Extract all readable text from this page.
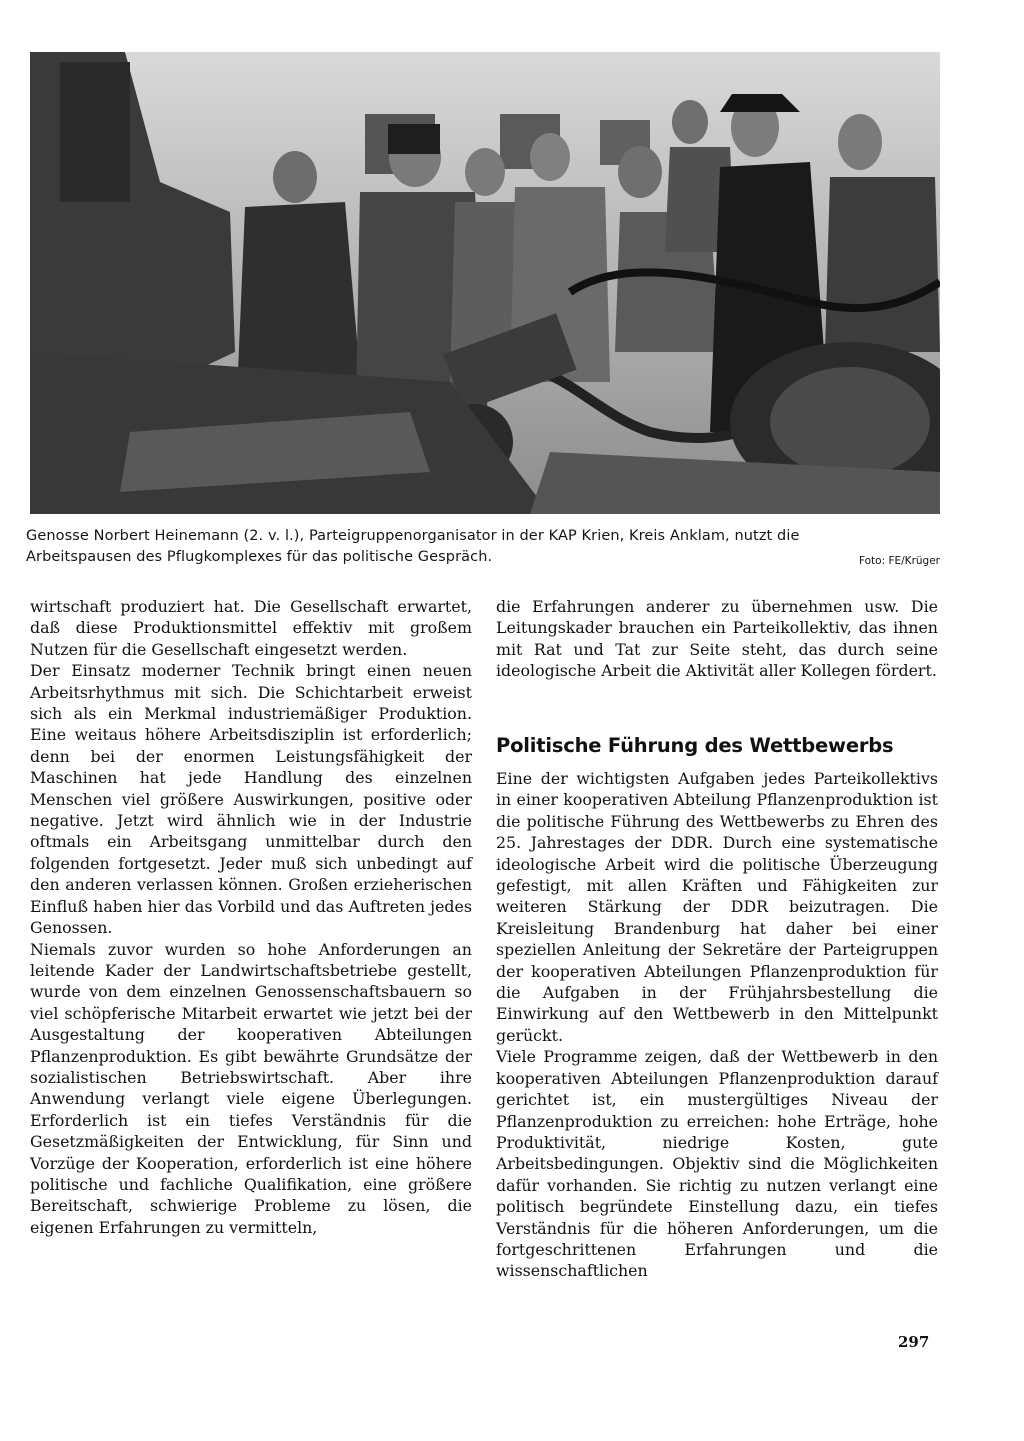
Genosse Norbert Heinemann (2. v. l.), Parteigruppenorganisator in der KAP Krien, Kreis Anklam, nutzt die
Arbeitspausen des Pflugkomplexes für das politische Gespräch.	Foto: FE/Krüger

wirtschaft produziert hat. Die Gesellschaft erwartet, daß diese Produktionsmittel effektiv mit großem Nutzen für die Gesellschaft eingesetzt werden.

Der Einsatz moderner Technik bringt einen neuen Arbeitsrhythmus mit sich. Die Schichtarbeit erweist sich als ein Merkmal industriemäßiger Produktion. Eine weitaus höhere Arbeitsdisziplin ist erforderlich; denn bei der enormen Leistungsfähigkeit der Maschinen hat jede Handlung des einzelnen Menschen viel größere Auswirkungen, positive oder negative. Jetzt wird ähnlich wie in der Industrie oftmals ein Arbeitsgang unmittelbar durch den folgenden fortgesetzt. Jeder muß sich unbedingt auf den anderen verlassen können. Großen erzieherischen Einfluß haben hier das Vorbild und das Auftreten jedes Genossen.

Niemals zuvor wurden so hohe Anforderungen an leitende Kader der Landwirtschaftsbetriebe gestellt, wurde von dem einzelnen Genossenschaftsbauern so viel schöpferische Mitarbeit erwartet wie jetzt bei der Ausgestaltung der kooperativen Abteilungen Pflanzenproduktion. Es gibt bewährte Grundsätze der sozialistischen Betriebswirtschaft. Aber ihre Anwendung verlangt viele eigene Überlegungen. Erforderlich ist ein tiefes Verständnis für die Gesetzmäßigkeiten der Entwicklung, für Sinn und Vorzüge der Kooperation, erforderlich ist eine höhere politische und fachliche Qualifikation, eine größere Bereitschaft, schwierige Probleme zu lösen, die eigenen Erfahrungen zu vermitteln,

die Erfahrungen anderer zu übernehmen usw. Die Leitungskader brauchen ein Parteikollektiv, das ihnen mit Rat und Tat zur Seite steht, das durch seine ideologische Arbeit die Aktivität aller Kollegen fördert.

Politische Führung des Wettbewerbs

Eine der wichtigsten Aufgaben jedes Parteikollektivs in einer kooperativen Abteilung Pflanzenproduktion ist die politische Führung des Wettbewerbs zu Ehren des 25. Jahrestages der DDR. Durch eine systematische ideologische Arbeit wird die politische Überzeugung gefestigt, mit allen Kräften und Fähigkeiten zur weiteren Stärkung der DDR beizutragen. Die Kreisleitung Brandenburg hat daher bei einer speziellen Anleitung der Sekretäre der Parteigruppen der kooperativen Abteilungen Pflanzenproduktion für die Aufgaben in der Frühjahrsbestellung die Einwirkung auf den Wettbewerb in den Mittelpunkt gerückt.

Viele Programme zeigen, daß der Wettbewerb in den kooperativen Abteilungen Pflanzenproduktion darauf gerichtet ist, ein mustergültiges Niveau der Pflanzenproduktion zu erreichen: hohe Erträge, hohe Produktivität, niedrige Kosten, gute Arbeitsbedingungen. Objektiv sind die Möglichkeiten dafür vorhanden. Sie richtig zu nutzen verlangt eine politisch begründete Einstellung dazu, ein tiefes Verständnis für die höheren Anforderungen, um die fortgeschrittenen Erfahrungen und die wissenschaftlichen

297
